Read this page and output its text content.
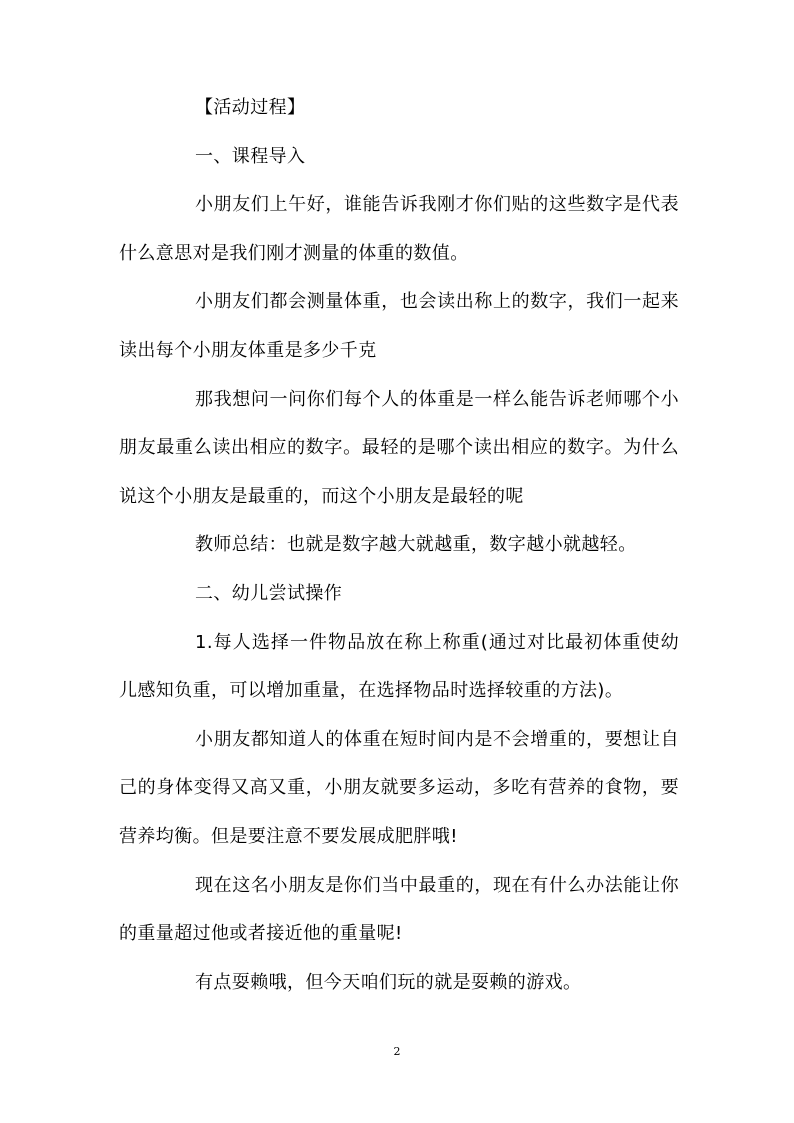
【活动过程】

一、课程导入

小朋友们上午好，谁能告诉我刚才你们贴的这些数字是代表什么意思对是我们刚才测量的体重的数值。

小朋友们都会测量体重，也会读出称上的数字，我们一起来读出每个小朋友体重是多少千克

那我想问一问你们每个人的体重是一样么能告诉老师哪个小朋友最重么读出相应的数字。最轻的是哪个读出相应的数字。为什么说这个小朋友是最重的，而这个小朋友是最轻的呢

教师总结：也就是数字越大就越重，数字越小就越轻。

二、幼儿尝试操作

1.每人选择一件物品放在称上称重(通过对比最初体重使幼儿感知负重，可以增加重量，在选择物品时选择较重的方法)。

小朋友都知道人的体重在短时间内是不会增重的，要想让自己的身体变得又高又重，小朋友就要多运动，多吃有营养的食物，要营养均衡。但是要注意不要发展成肥胖哦!

现在这名小朋友是你们当中最重的，现在有什么办法能让你的重量超过他或者接近他的重量呢!

有点耍赖哦，但今天咱们玩的就是耍赖的游戏。

2
